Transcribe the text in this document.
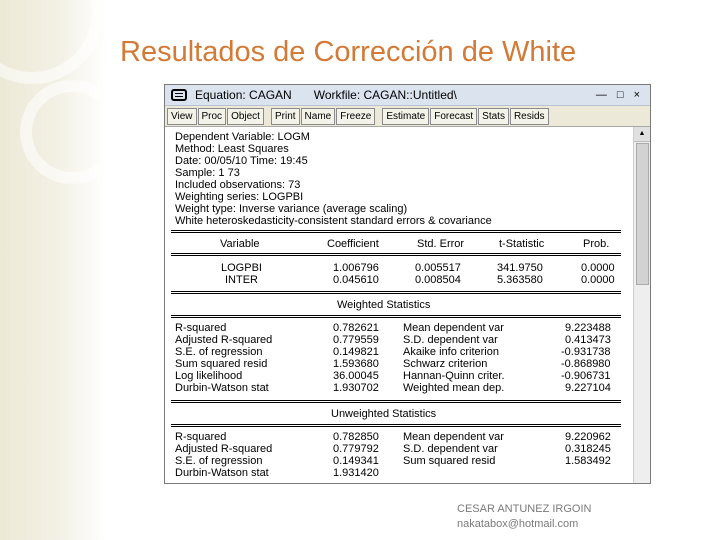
Resultados de Corrección de White
Equation: CAGAN Workfile: CAGAN::Untitled\	— □ ×
View Proc Object	Print Name Freeze	Estimate Forecast Stats Resids
Dependent Variable: LOGM
Method: Least Squares
Date: 00/05/10 Time: 19:45
Sample: 1 73
Included observations: 73
Weighting series: LOGPBI
Weight type: Inverse variance (average scaling)
White heteroskedasticity-consistent standard errors & covariance
Variable	Coefficient	Std. Error	t-Statistic	Prob.
LOGPBI	1.006796	0.005517	341.9750	0.0000
INTER	0.045610	0.008504	5.363580	0.0000
Weighted Statistics
R-squared	0.782621 Mean dependent var	9.223488
Adjusted R-squared	0.779559 S.D. dependent var	0.413473
S.E. of regression	0.149821 Akaike info criterion	-0.931738
Sum squared resid	1.593680 Schwarz criterion	-0.868980
Log likelihood	36.00045 Hannan-Quinn criter.	-0.906731
Durbin-Watson stat	1.930702 Weighted mean dep.	9.227104
Unweighted Statistics
R-squared	0.782850 Mean dependent var	9.220962
Adjusted R-squared	0.779792 S.D. dependent var	0.318245
S.E. of regression	0.149341 Sum squared resid	1.583492
Durbin-Watson stat	1.931420
▲
CESAR ANTUNEZ IRGOIN
nakatabox@hotmail.com
